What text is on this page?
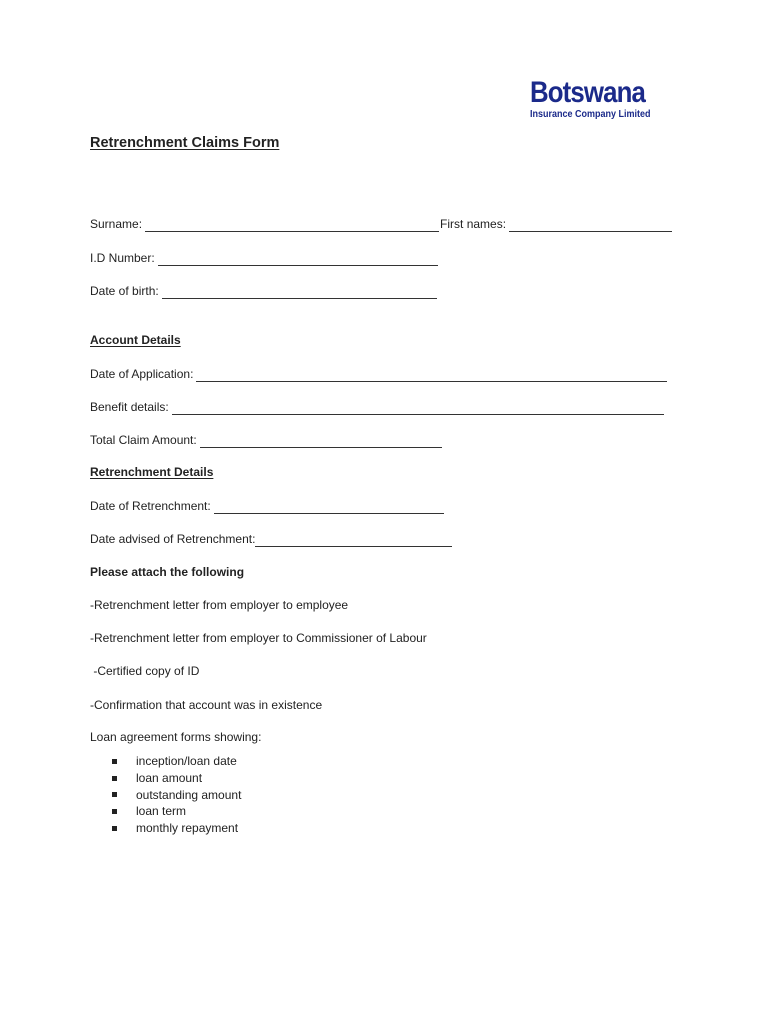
Botswana
Insurance Company Limited
Retrenchment Claims Form
Surname:	First names:
I.D Number:
Date of birth:
Account Details
Date of Application:
Benefit details:
Total Claim Amount:
Retrenchment Details
Date of Retrenchment:
Date advised of Retrenchment:
Please attach the following
-Retrenchment letter from employer to employee
-Retrenchment letter from employer to Commissioner of Labour
-Certified copy of ID
-Confirmation that account was in existence
Loan agreement forms showing:
inception/loan date
loan amount
outstanding amount
loan term
monthly repayment
